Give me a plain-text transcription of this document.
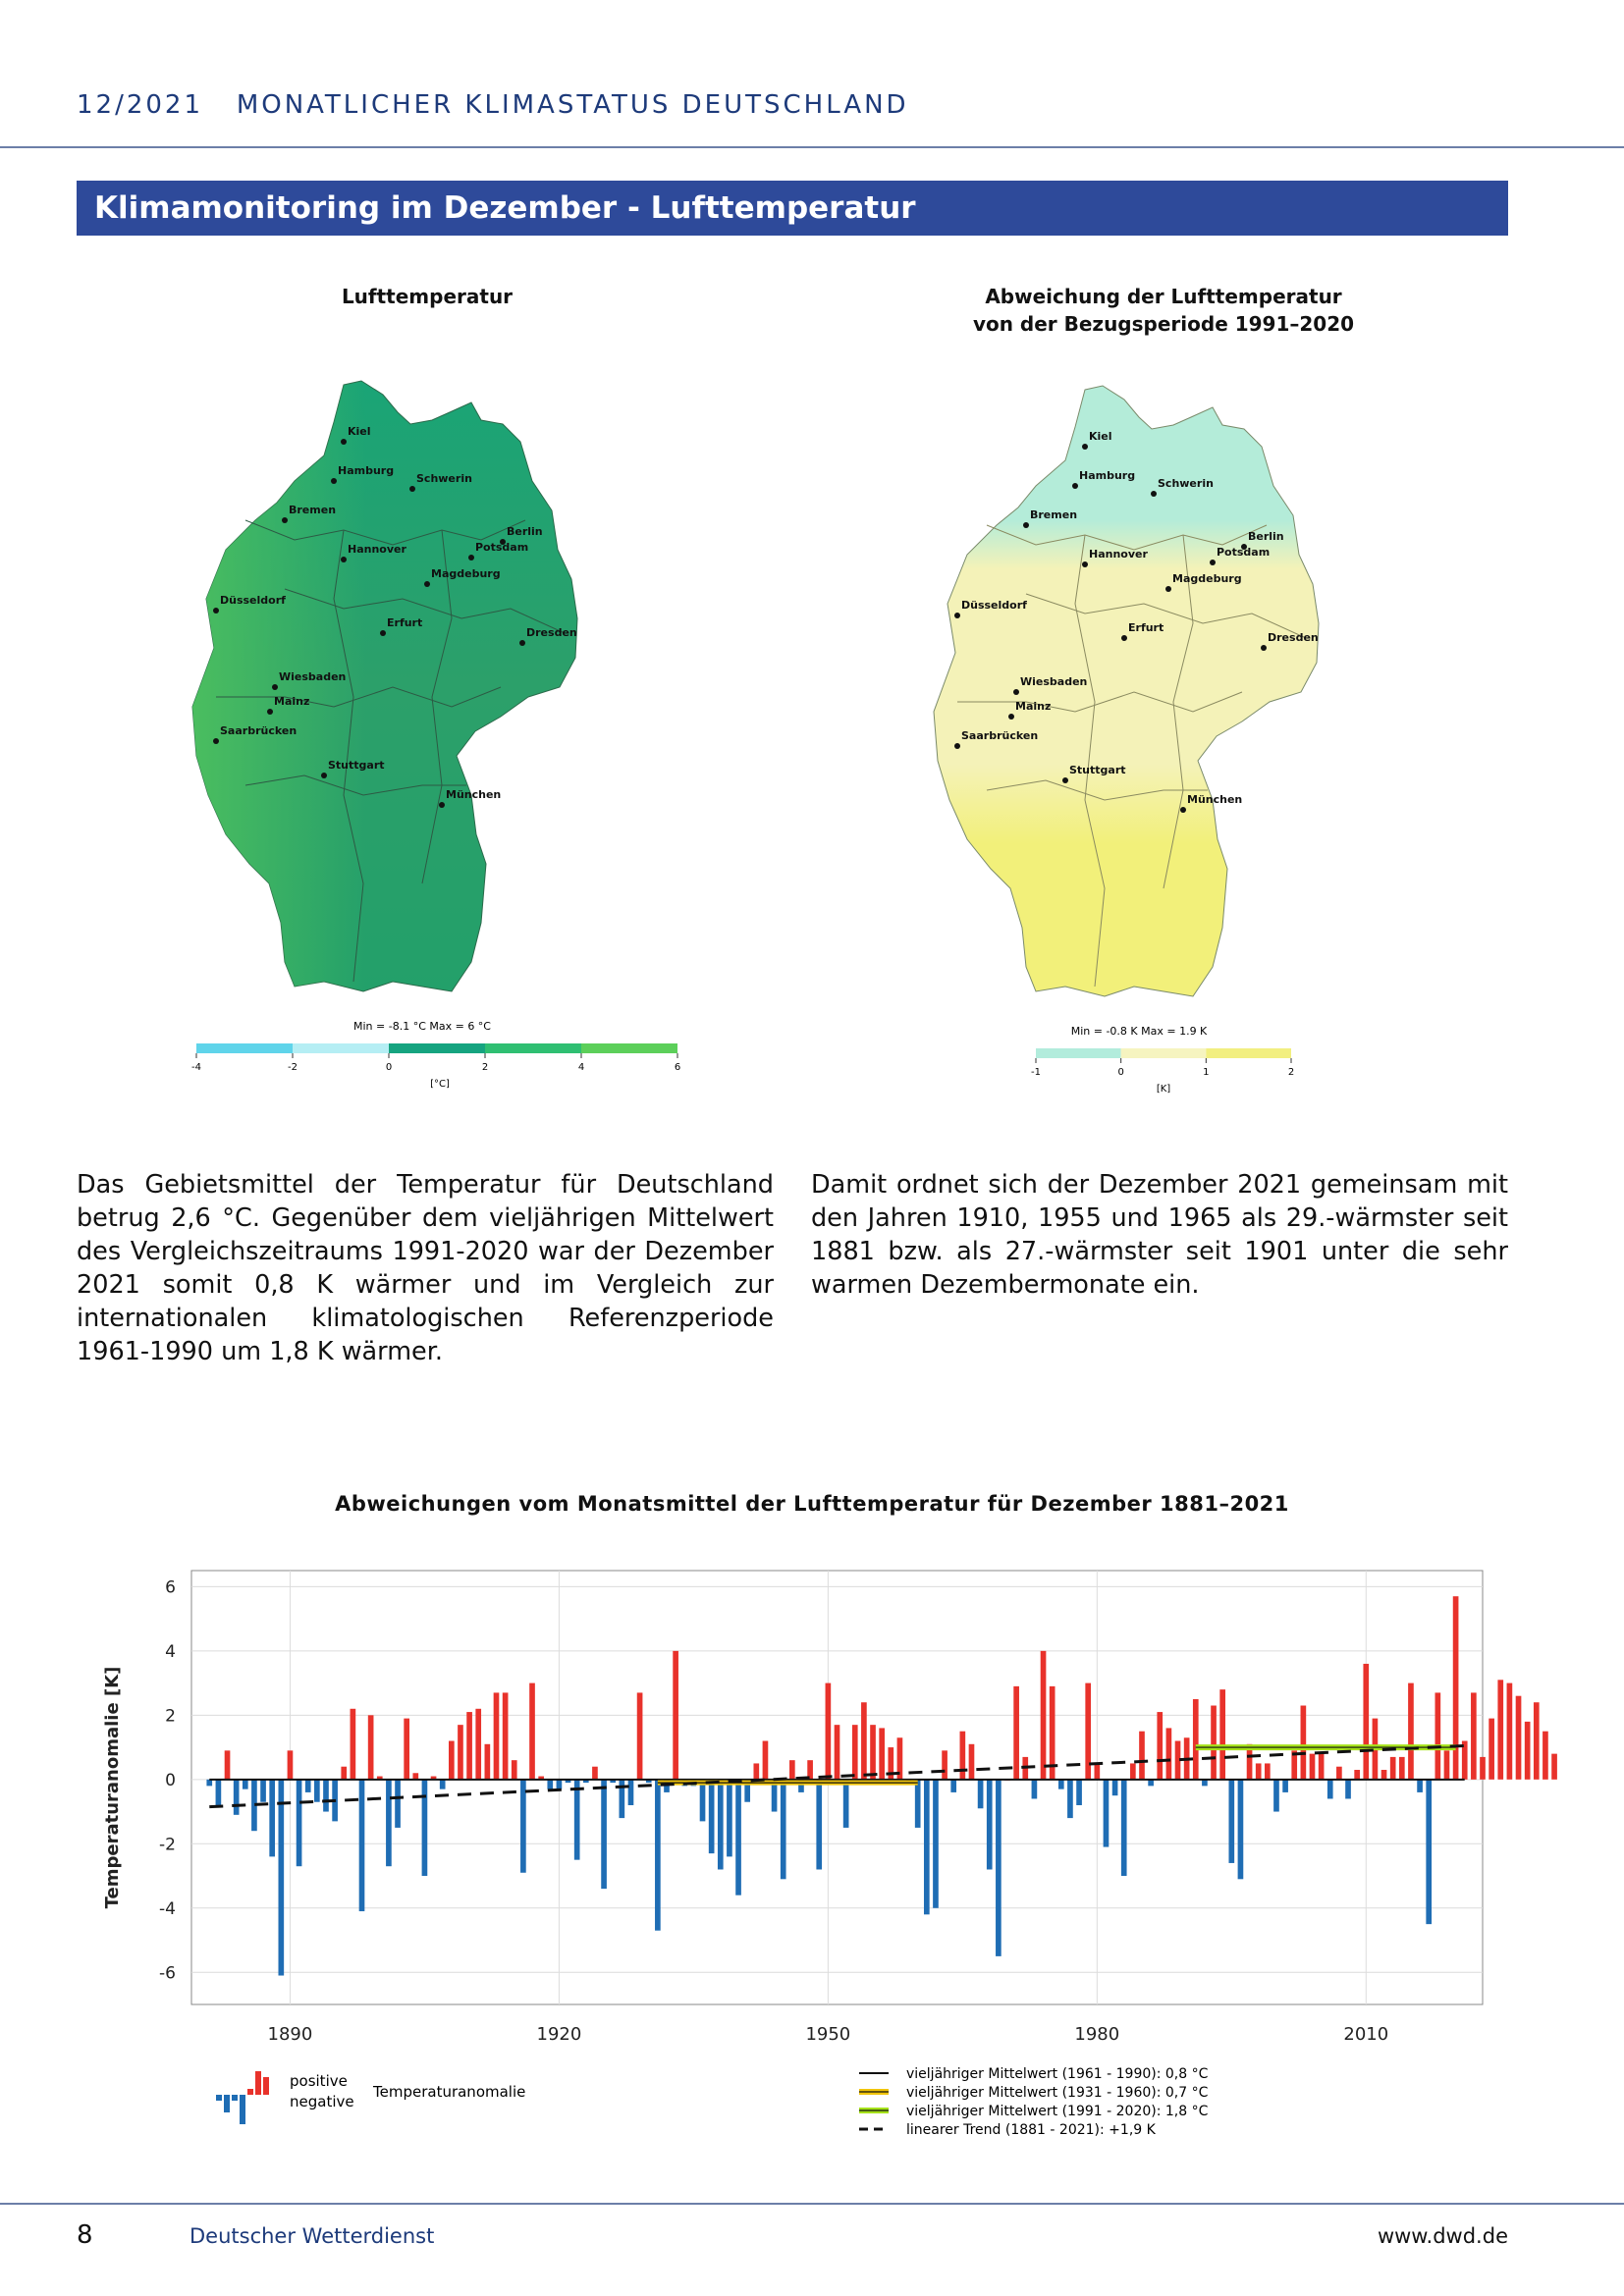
12/2021 MONATLICHER KLIMASTATUS DEUTSCHLAND
Klimamonitoring im Dezember - Lufttemperatur
Lufttemperatur
Kiel
Hamburg
Schwerin
Bremen
Berlin
Potsdam
Hannover
Magdeburg
Düsseldorf
Erfurt
Dresden
Wiesbaden
Mainz
Saarbrücken
Stuttgart
München
Min = -8.1 °C Max = 6 °C
-4	-2	0	2	4	6
[°C]
Abweichung der Lufttemperatur
von der Bezugsperiode 1991–2020
Kiel
Hamburg
Schwerin
Bremen
Berlin
Potsdam
Hannover
Magdeburg
Düsseldorf
Erfurt
Dresden
Wiesbaden
Mainz
Saarbrücken
Stuttgart
München
Min = -0.8 K Max = 1.9 K
-1	0	1	2
[K]
Das Gebietsmittel der Temperatur für Deutschland betrug 2,6 °C. Gegenüber dem vieljährigen Mittelwert des Vergleichszeitraums 1991-2020 war der Dezember 2021 somit 0,8 K wärmer und im Vergleich zur internationalen klimatologischen Referenzperiode 1961-1990 um 1,8 K wärmer.
Damit ordnet sich der Dezember 2021 gemeinsam mit den Jahren 1910, 1955 und 1965 als 29.-wärmster seit 1881 bzw. als 27.-wärmster seit 1901 unter die sehr warmen Dezembermonate ein.
Abweichungen vom Monatsmittel der Lufttemperatur für Dezember 1881–2021
6
4
2
0
-2
-4
-6
1890	1920	1950	1980	2010
Temperaturanomalie [K]
positive
negative
Temperaturanomalie
vieljähriger Mittelwert (1961 - 1990): 0,8 °C
vieljähriger Mittelwert (1931 - 1960): 0,7 °C
vieljähriger Mittelwert (1991 - 2020): 1,8 °C
linearer Trend (1881 - 2021): +1,9 K
8	Deutscher Wetterdienst	www.dwd.de
